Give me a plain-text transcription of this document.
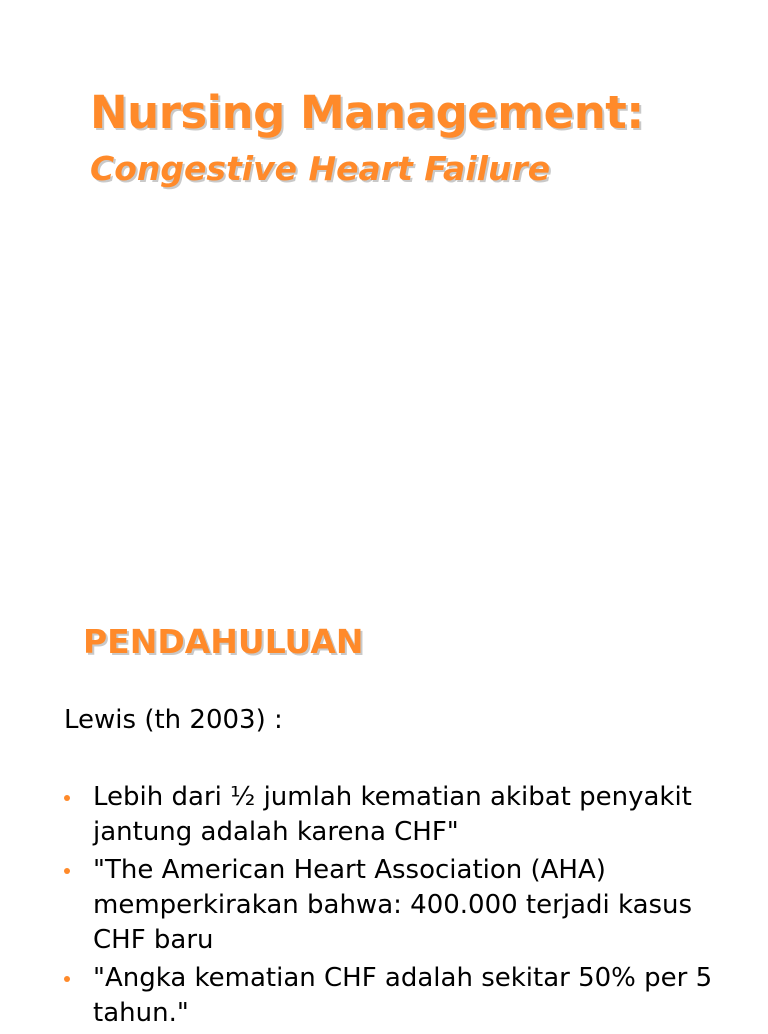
Nursing Management:
Congestive Heart Failure
PENDAHULUAN
Lewis (th 2003) :
Lebih dari ½ jumlah kematian akibat penyakit jantung adalah karena CHF"
"The American Heart Association (AHA) memperkirakan bahwa: 400.000 terjadi kasus CHF baru
"Angka kematian CHF adalah sekitar 50% per 5 tahun."
